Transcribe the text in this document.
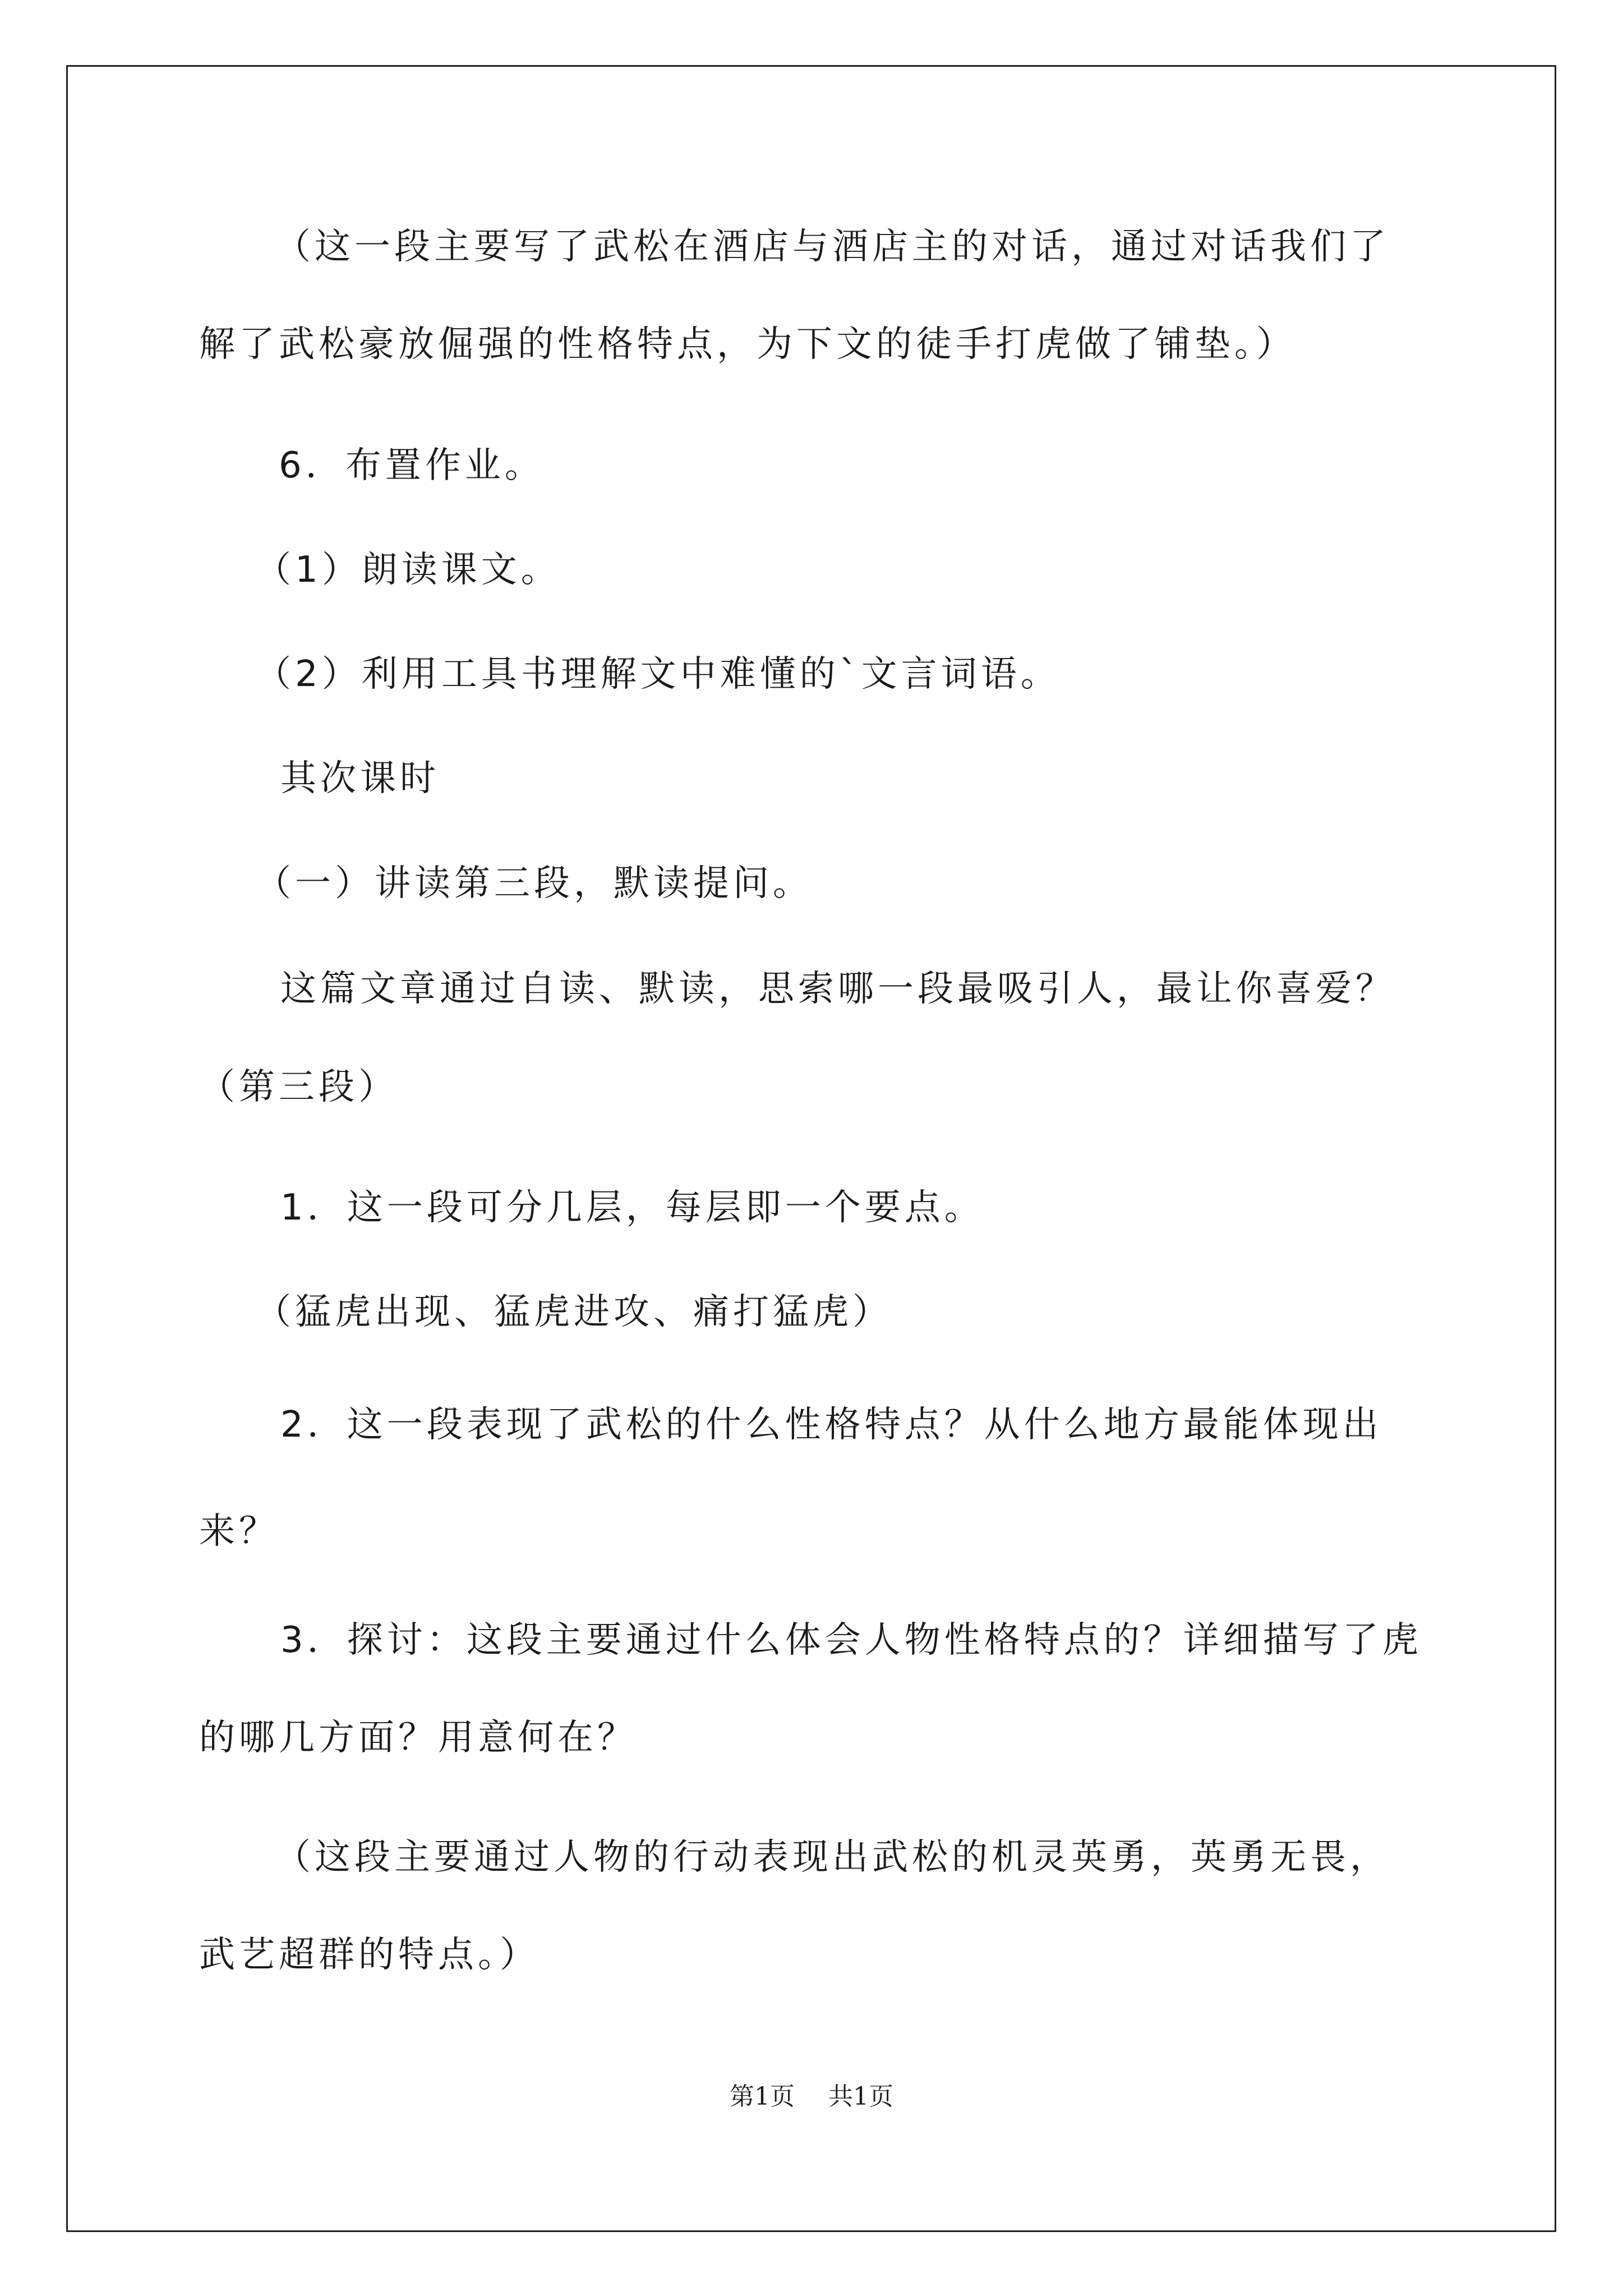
（这一段主要写了武松在酒店与酒店主的对话，通过对话我们了
解了武松豪放倔强的性格特点，为下文的徒手打虎做了铺垫。）
6．布置作业。
（1）朗读课文。
（2）利用工具书理解文中难懂的`文言词语。
其次课时
（一）讲读第三段，默读提问。
这篇文章通过自读、默读，思索哪一段最吸引人，最让你喜爱？
（第三段）
1．这一段可分几层，每层即一个要点。
（猛虎出现、猛虎进攻、痛打猛虎）
2．这一段表现了武松的什么性格特点？从什么地方最能体现出
来？
3．探讨：这段主要通过什么体会人物性格特点的？详细描写了虎
的哪几方面？用意何在？
（这段主要通过人物的行动表现出武松的机灵英勇，英勇无畏，
武艺超群的特点。）
第1页 共1页
